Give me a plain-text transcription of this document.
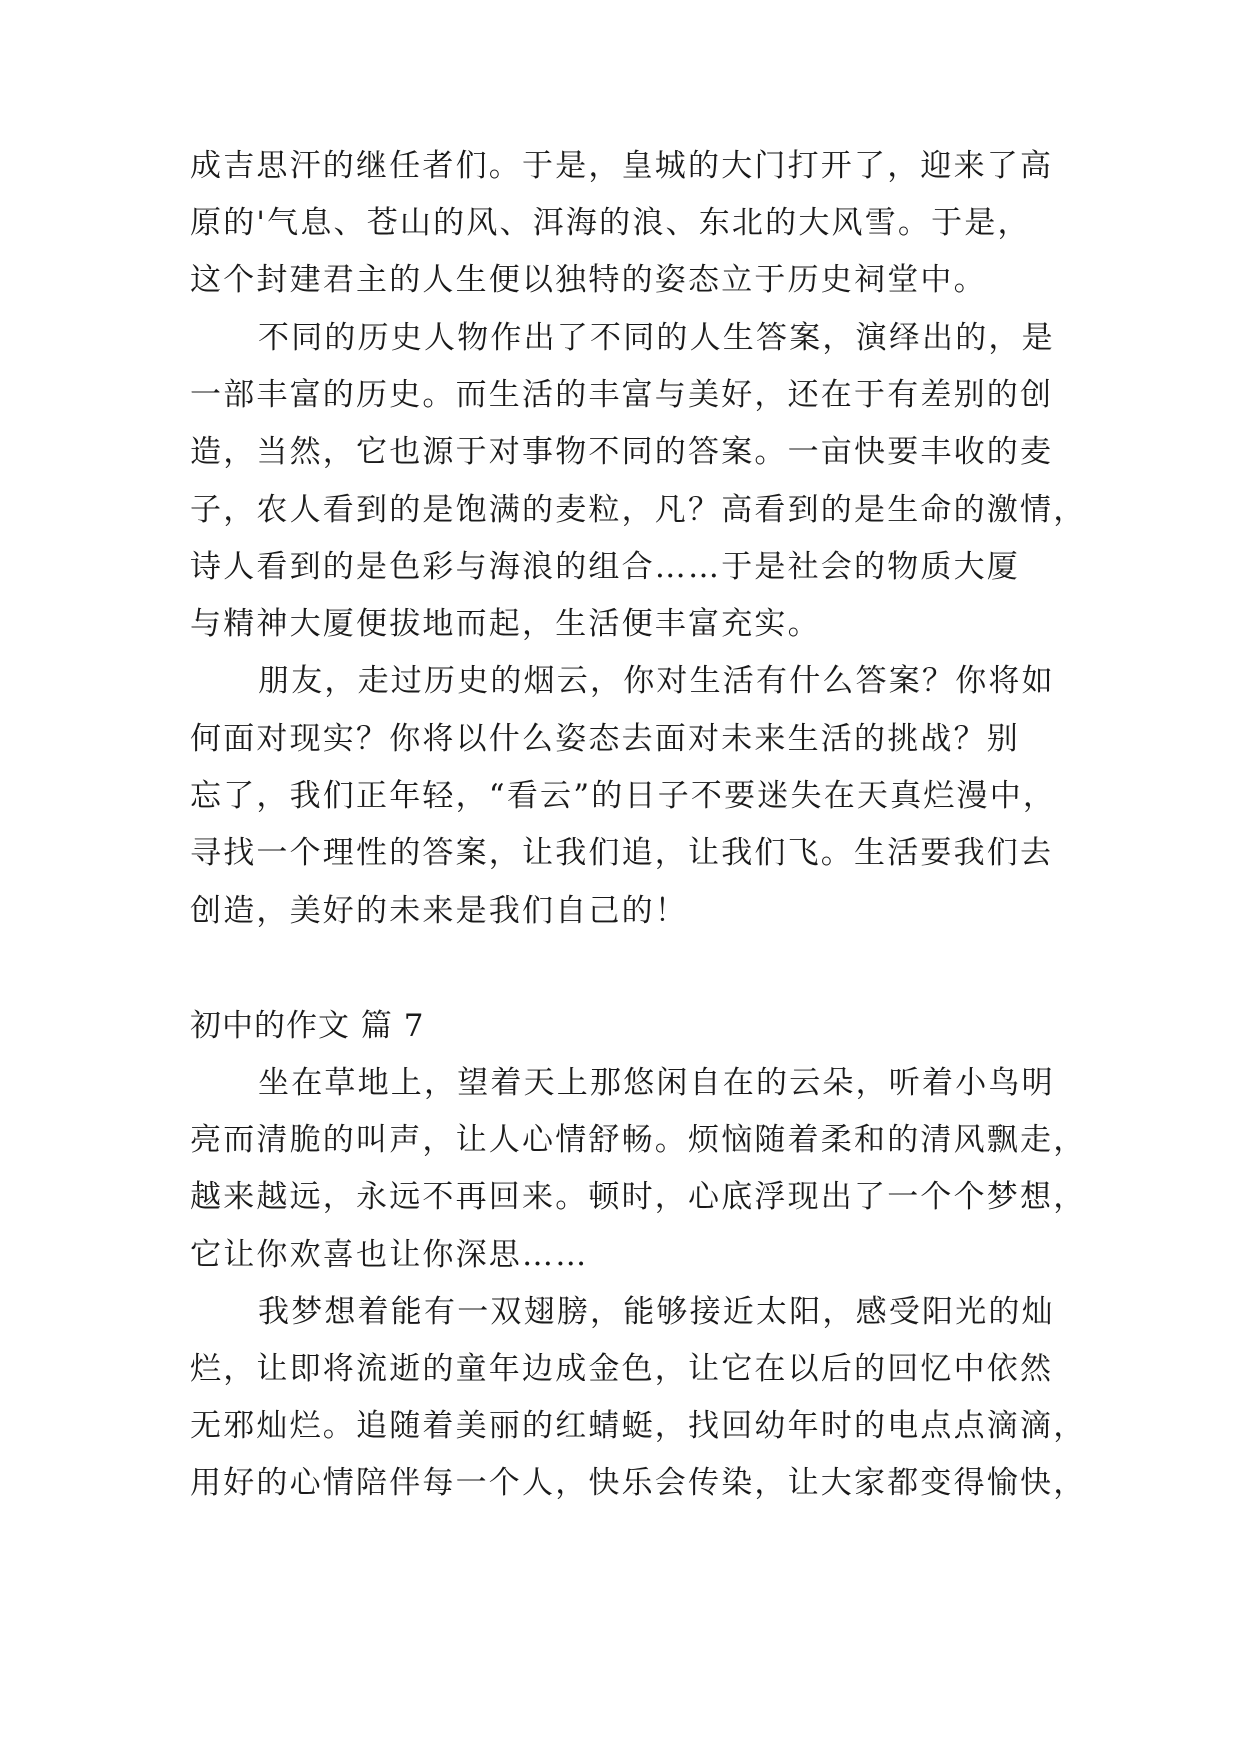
成吉思汗的继任者们。于是，皇城的大门打开了，迎来了高
原的'气息、苍山的风、洱海的浪、东北的大风雪。于是，
这个封建君主的人生便以独特的姿态立于历史祠堂中。
不同的历史人物作出了不同的人生答案，演绎出的，是
一部丰富的历史。而生活的丰富与美好，还在于有差别的创
造，当然，它也源于对事物不同的答案。一亩快要丰收的麦
子，农人看到的是饱满的麦粒，凡？高看到的是生命的激情，
诗人看到的是色彩与海浪的组合……于是社会的物质大厦
与精神大厦便拔地而起，生活便丰富充实。
朋友，走过历史的烟云，你对生活有什么答案？你将如
何面对现实？你将以什么姿态去面对未来生活的挑战？别
忘了，我们正年轻，“看云”的日子不要迷失在天真烂漫中，
寻找一个理性的答案，让我们追，让我们飞。生活要我们去
创造，美好的未来是我们自己的！
初中的作文 篇 7
坐在草地上，望着天上那悠闲自在的云朵，听着小鸟明
亮而清脆的叫声，让人心情舒畅。烦恼随着柔和的清风飘走，
越来越远，永远不再回来。顿时，心底浮现出了一个个梦想，
它让你欢喜也让你深思……
我梦想着能有一双翅膀，能够接近太阳，感受阳光的灿
烂，让即将流逝的童年边成金色，让它在以后的回忆中依然
无邪灿烂。追随着美丽的红蜻蜓，找回幼年时的电点点滴滴，
用好的心情陪伴每一个人，快乐会传染，让大家都变得愉快，
